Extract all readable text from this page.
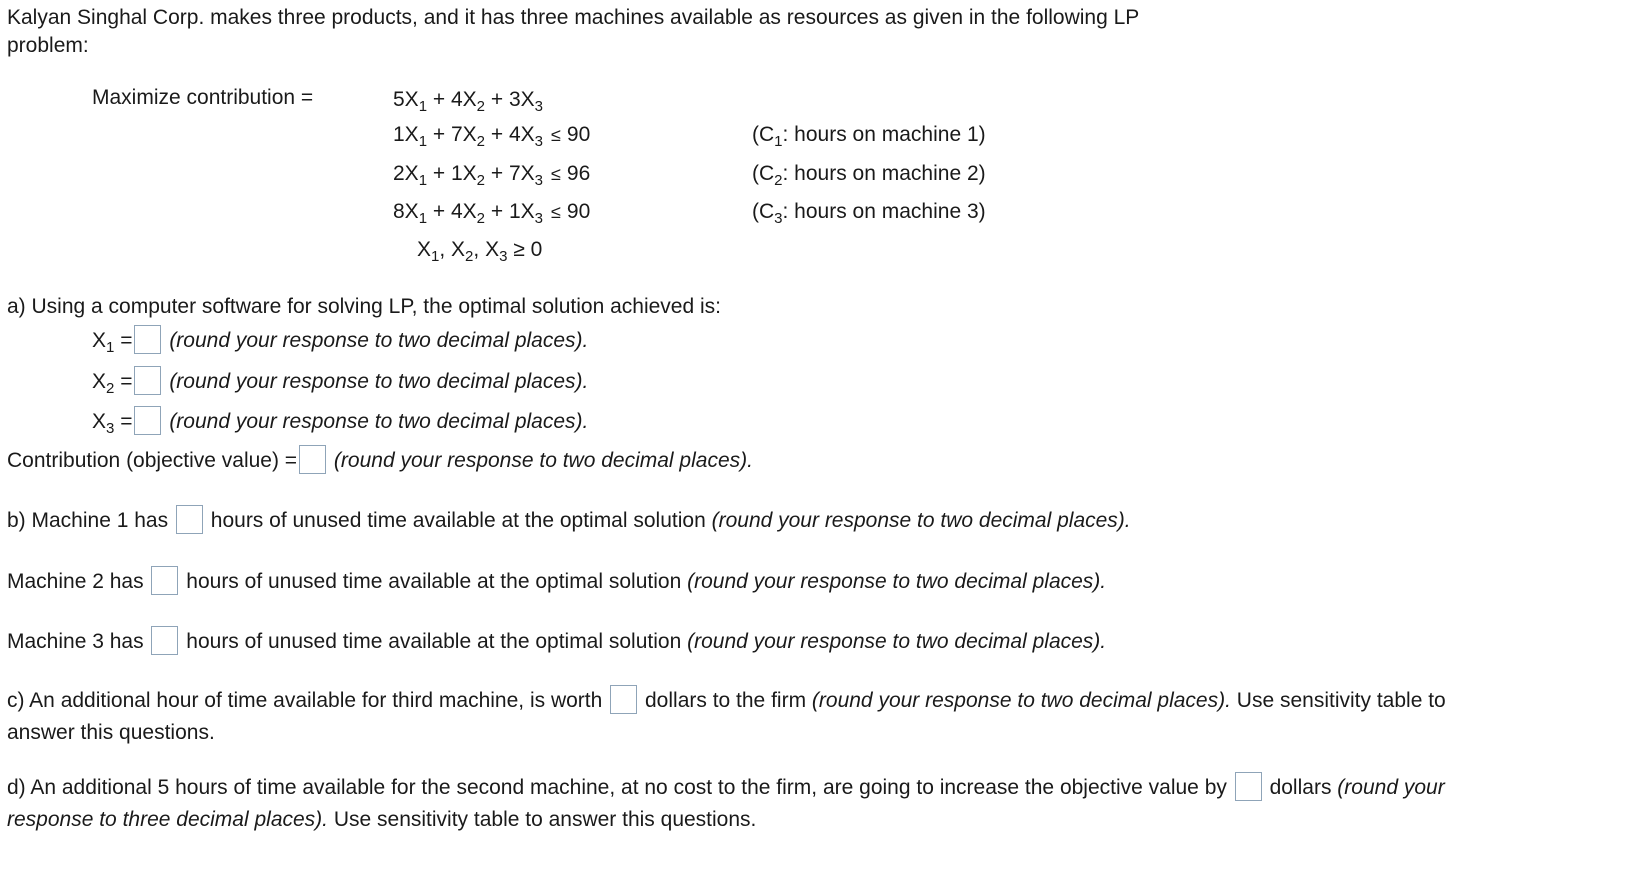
Kalyan Singhal Corp. makes three products, and it has three machines available as resources as given in the following LP
problem:
Maximize contribution =	$5X_1 + 4X_2 + 3X_3$
$1X_1 + 7X_2 + 4X_3 \le 90$	($C_1$: hours on machine 1)
$2X_1 + 1X_2 + 7X_3 \le 96$	($C_2$: hours on machine 2)
$8X_1 + 4X_2 + 1X_3 \le 90$	($C_3$: hours on machine 3)
$X_1$, $X_2$, $X_3 \ge 0$
a) Using a computer software for solving LP, the optimal solution achieved is:
$X_1$ = (round your response to two decimal places).
$X_2$ = (round your response to two decimal places).
$X_3$ = (round your response to two decimal places).
Contribution (objective value) = (round your response to two decimal places).
b) Machine 1 has hours of unused time available at the optimal solution (round your response to two decimal places).
Machine 2 has hours of unused time available at the optimal solution (round your response to two decimal places).
Machine 3 has hours of unused time available at the optimal solution (round your response to two decimal places).
c) An additional hour of time available for third machine, is worth dollars to the firm (round your response to two decimal places). Use sensitivity table to
answer this questions.
d) An additional 5 hours of time available for the second machine, at no cost to the firm, are going to increase the objective value by dollars (round your
response to three decimal places). Use sensitivity table to answer this questions.
